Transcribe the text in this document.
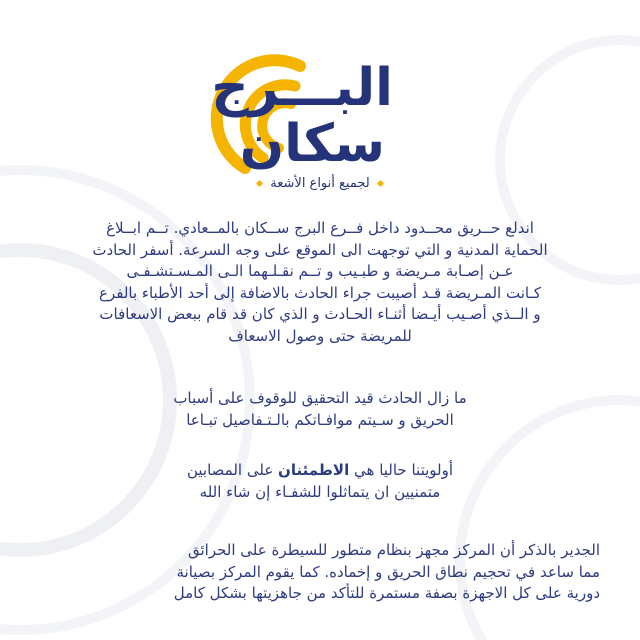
البـــرج
سكان
لجميع أنواع الأشعة
اندلع حــريق محــدود داخل فــرع البرج ســكان بالمــعادي. تــم ابــلاغ
الحماية المدنية و التي توجهت الى الموقع على وجه السرعة. أسفر الحادث
عـن إصـابة مـريضة و طبـيب و تــم نقـلـهما الـى المـسـتشـفـى
كـانت المـريضة قـد أصيبت جراء الحادث بالاضافة إلى أحد الأطباء بالفرع
و الــذي أصـيب أيـضا أثنـاء الحـادث و الذي كان قد قام ببعض الاسعافات
للمريضة حتى وصول الاسعاف
ما زال الحادث قيد التحقيق للوقوف على أسباب
الحريق و سـيتم موافـاتكم بالـتـفاصيل تبـاعا
أولويتنا حاليا هي الاطمئنان على المصابين
متمنيين ان يتماثلوا للشفـاء إن شاء الله
الجدير بالذكر أن المركز مجهز بنظام متطور للسيطرة على الحرائق
مما ساعد في تحجيم نطاق الحريق و إخماده. كما يقوم المركز بصيانة
دورية على كل الاجهزة بصفة مستمرة للتأكد من جاهزيتها بشكل كامل
